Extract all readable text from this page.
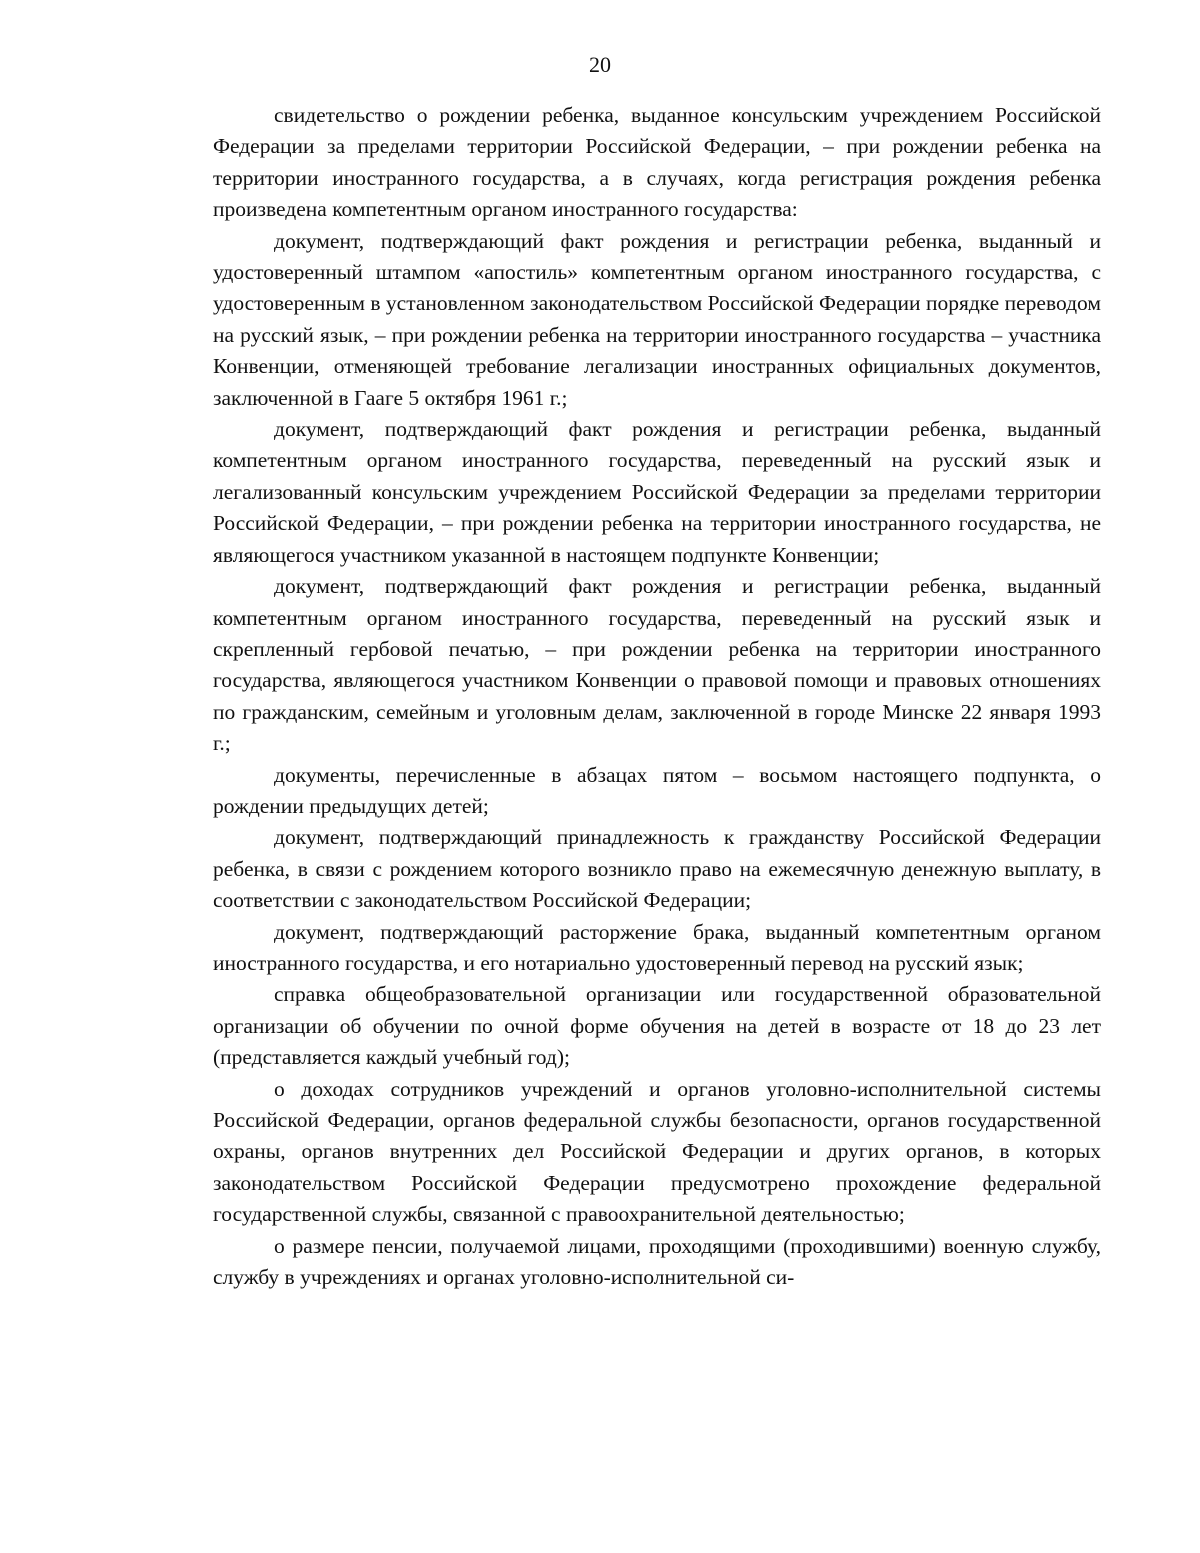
20

свидетельство о рождении ребенка, выданное консульским учреждением Российской Федерации за пределами территории Российской Федерации, – при рождении ребенка на территории иностранного государства, а в случаях, когда регистрация рождения ребенка произведена компетентным органом иностранного государства:

документ, подтверждающий факт рождения и регистрации ребенка, выданный и удостоверенный штампом «апостиль» компетентным органом иностранного государства, с удостоверенным в установленном законодательством Российской Федерации порядке переводом на русский язык, – при рождении ребенка на территории иностранного государства – участника Конвенции, отменяющей требование легализации иностранных официальных документов, заключенной в Гааге 5 октября 1961 г.;

документ, подтверждающий факт рождения и регистрации ребенка, выданный компетентным органом иностранного государства, переведенный на русский язык и легализованный консульским учреждением Российской Федерации за пределами территории Российской Федерации, – при рождении ребенка на территории иностранного государства, не являющегося участником указанной в настоящем подпункте Конвенции;

документ, подтверждающий факт рождения и регистрации ребенка, выданный компетентным органом иностранного государства, переведенный на русский язык и скрепленный гербовой печатью, – при рождении ребенка на территории иностранного государства, являющегося участником Конвенции о правовой помощи и правовых отношениях по гражданским, семейным и уголовным делам, заключенной в городе Минске 22 января 1993 г.;

документы, перечисленные в абзацах пятом – восьмом настоящего подпункта, о рождении предыдущих детей;

документ, подтверждающий принадлежность к гражданству Российской Федерации ребенка, в связи с рождением которого возникло право на ежемесячную денежную выплату, в соответствии с законодательством Российской Федерации;

документ, подтверждающий расторжение брака, выданный компетентным органом иностранного государства, и его нотариально удостоверенный перевод на русский язык;

справка общеобразовательной организации или государственной образовательной организации об обучении по очной форме обучения на детей в возрасте от 18 до 23 лет (представляется каждый учебный год);

о доходах сотрудников учреждений и органов уголовно-исполнительной системы Российской Федерации, органов федеральной службы безопасности, органов государственной охраны, органов внутренних дел Российской Федерации и других органов, в которых законодательством Российской Федерации предусмотрено прохождение федеральной государственной службы, связанной с правоохранительной деятельностью;

о размере пенсии, получаемой лицами, проходящими (проходившими) военную службу, службу в учреждениях и органах уголовно-исполнительной си-
